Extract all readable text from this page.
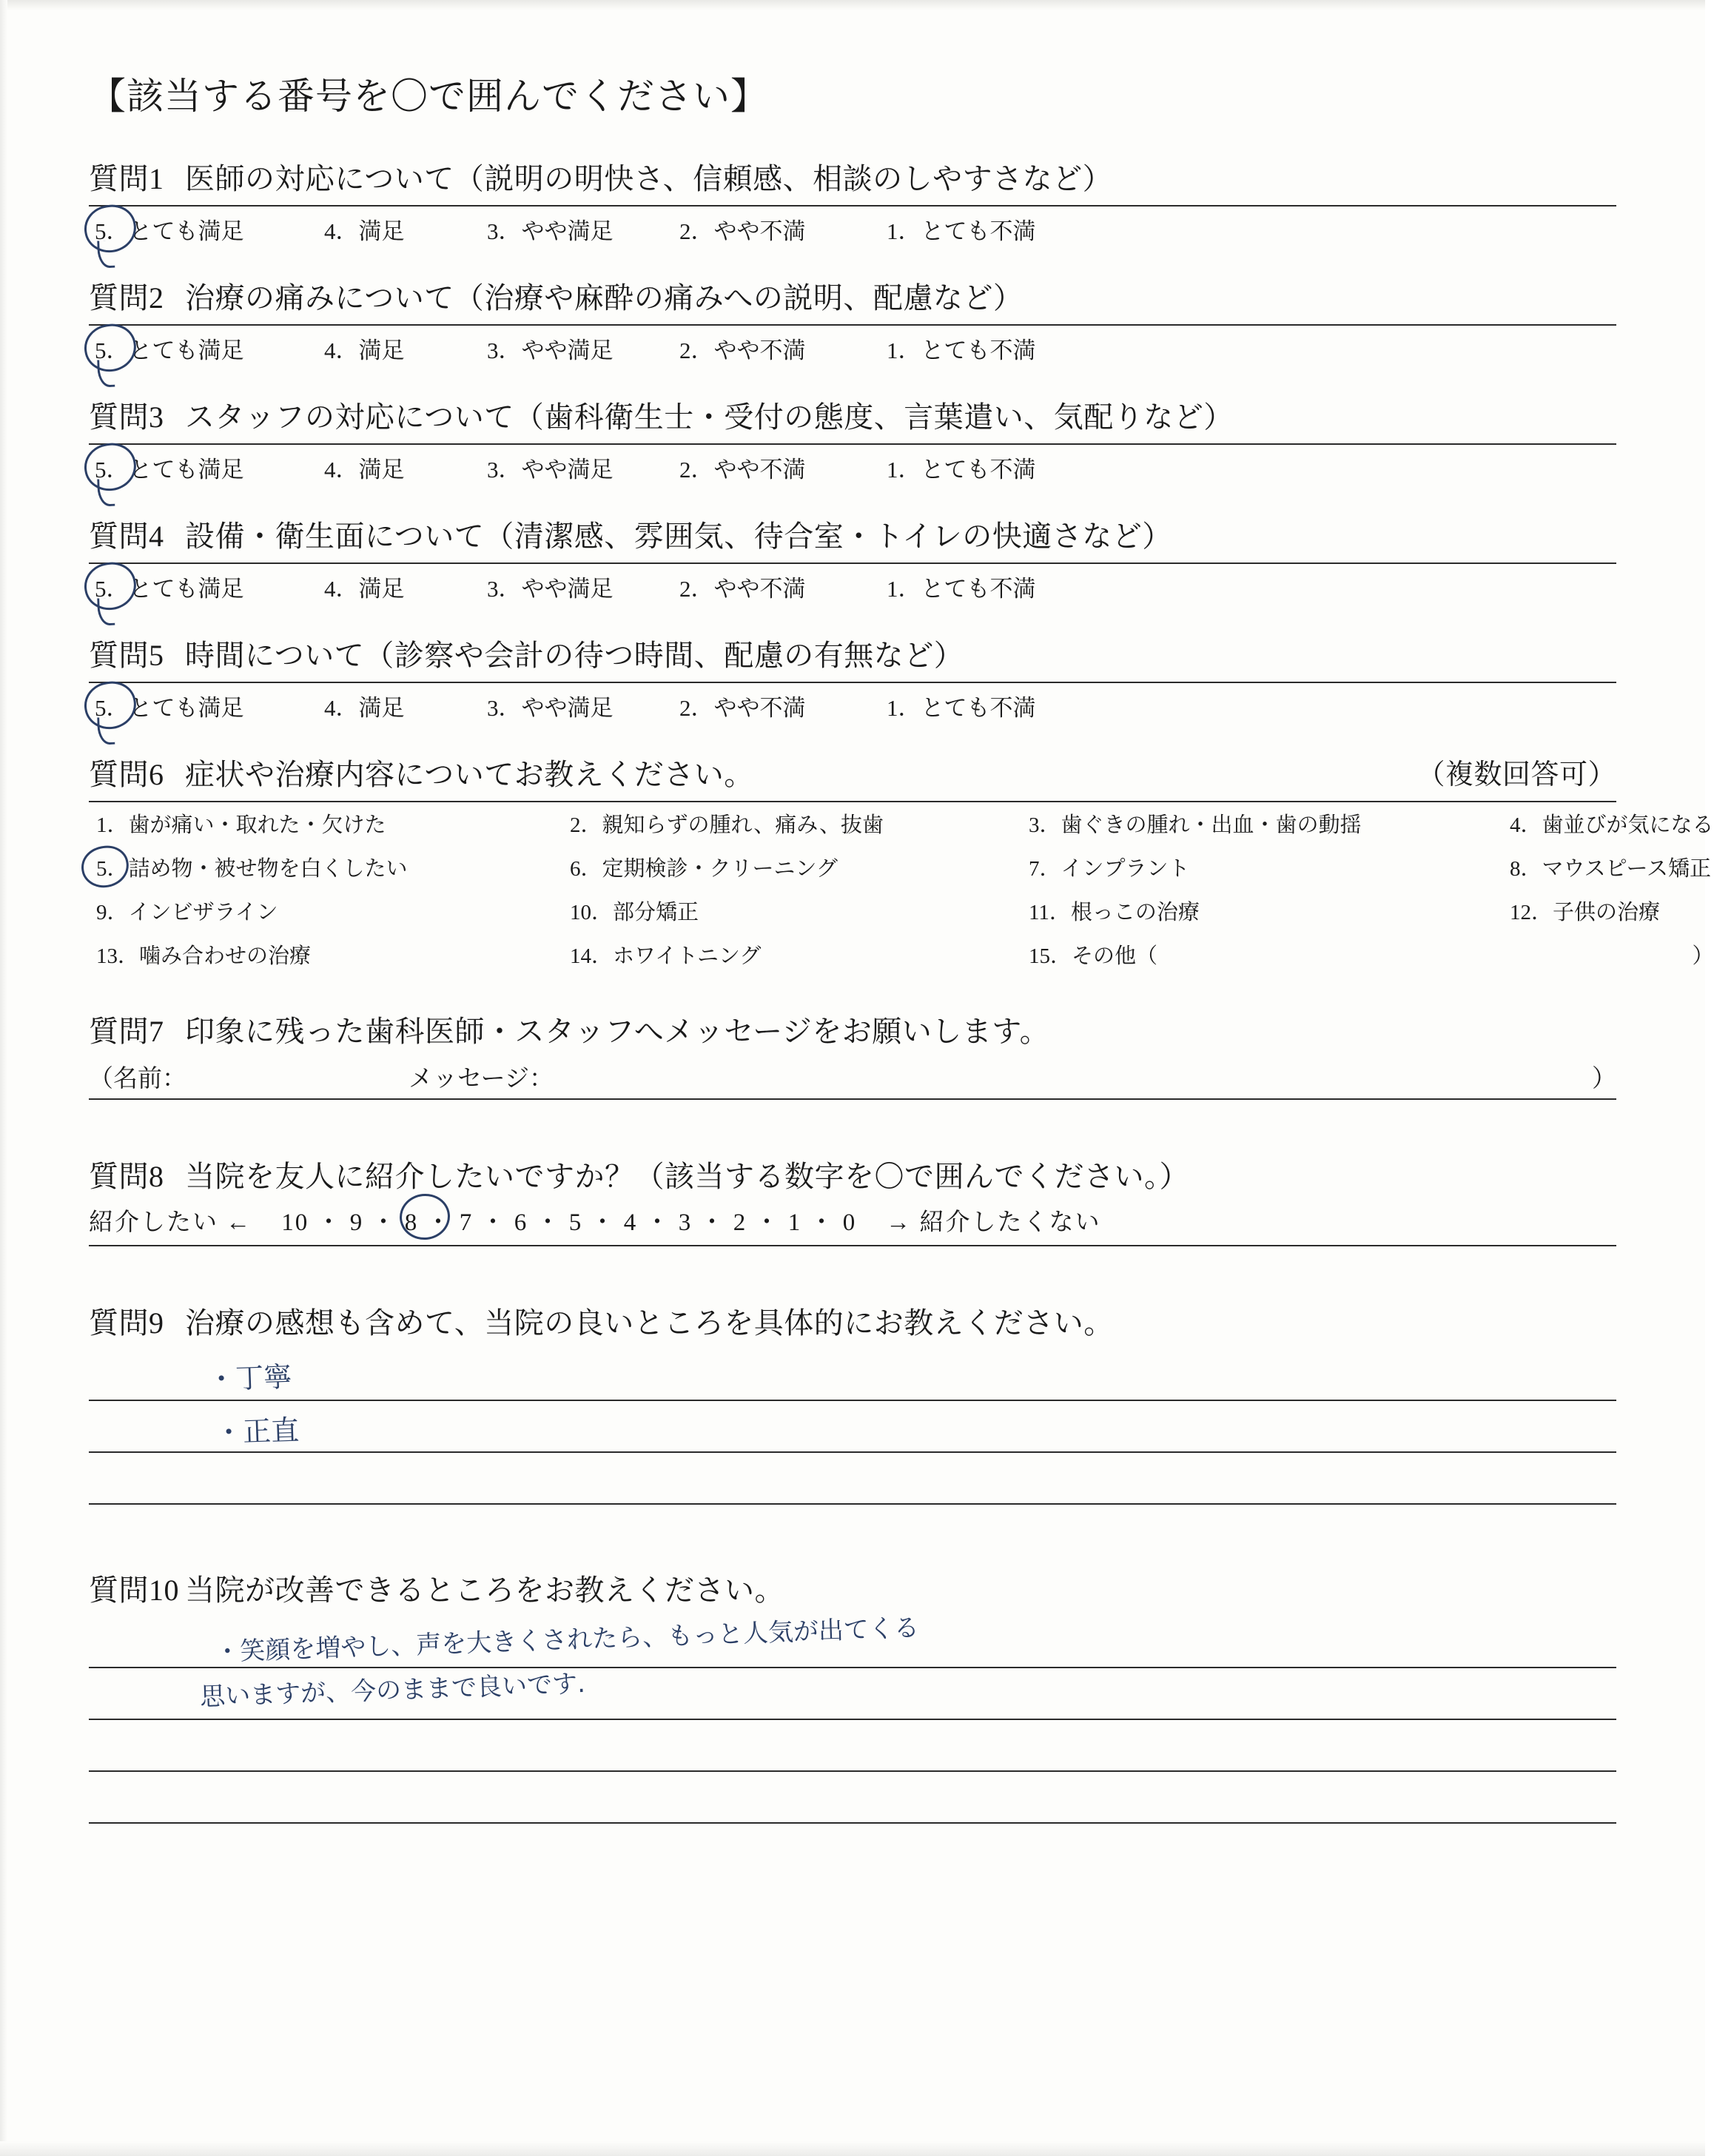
【該当する番号を〇で囲んでください】
質問1 医師の対応について（説明の明快さ、信頼感、相談のしやすさなど）
5．とても満足	4．満足	3．やや満足	2．やや不満	1．とても不満
質問2 治療の痛みについて（治療や麻酔の痛みへの説明、配慮など）
5．とても満足	4．満足	3．やや満足	2．やや不満	1．とても不満
質問3 スタッフの対応について（歯科衛生士・受付の態度、言葉遣い、気配りなど）
5．とても満足	4．満足	3．やや満足	2．やや不満	1．とても不満
質問4 設備・衛生面について（清潔感、雰囲気、待合室・トイレの快適さなど）
5．とても満足	4．満足	3．やや満足	2．やや不満	1．とても不満
質問5 時間について（診察や会計の待つ時間、配慮の有無など）
5．とても満足	4．満足	3．やや満足	2．やや不満	1．とても不満
質問6 症状や治療内容についてお教えください。	（複数回答可）
1．歯が痛い・取れた・欠けた	2．親知らずの腫れ、痛み、抜歯	3．歯ぐきの腫れ・出血・歯の動揺	4．歯並びが気になる
5．詰め物・被せ物を白くしたい	6．定期検診・クリーニング	7．インプラント	8．マウスピース矯正
9．インビザライン	10．部分矯正	11．根っこの治療	12．子供の治療
13．噛み合わせの治療	14．ホワイトニング	15．その他（	）
質問7 印象に残った歯科医師・スタッフへメッセージをお願いします。
（名前：	メッセージ：	）
質問8 当院を友人に紹介したいですか？（該当する数字を〇で囲んでください。）
紹介したい ← 10 ・ 9 ・ 8 ・ 7 ・ 6 ・ 5 ・ 4 ・ 3 ・ 2 ・ 1 ・ 0 → 紹介したくない
質問9 治療の感想も含めて、当院の良いところを具体的にお教えください。
・丁寧
・正直
質問10 当院が改善できるところをお教えください。
・笑顔を増やし、声を大きくされたら、もっと人気が出てくる
思いますが、今のままで良いです.
